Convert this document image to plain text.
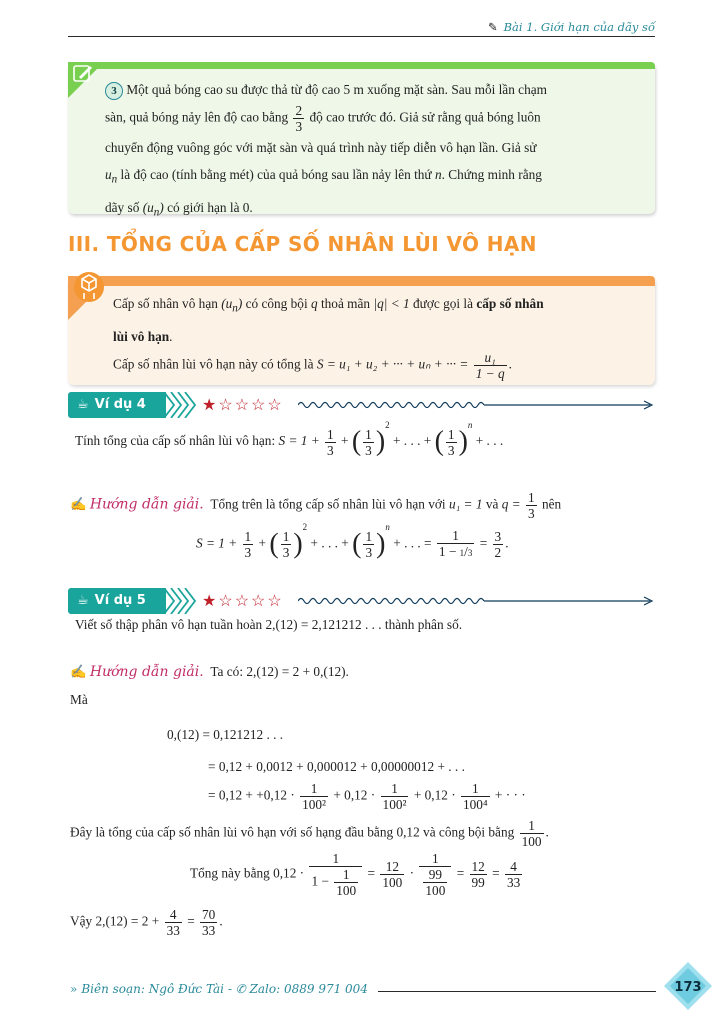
✎ Bài 1. Giới hạn của dãy số
3 Một quả bóng cao su được thả từ độ cao 5 m xuống mặt sàn. Sau mỗi lần chạm
sàn, quả bóng nảy lên độ cao bằng $\frac{2}{3}$ độ cao trước đó. Giả sử rằng quả bóng luôn
chuyển động vuông góc với mặt sàn và quá trình này tiếp diễn vô hạn lần. Giả sử
$u_n$ là độ cao (tính bằng mét) của quả bóng sau lần nảy lên thứ n. Chứng minh rằng
dãy số $(u_n)$ có giới hạn là 0.
III. TỔNG CỦA CẤP SỐ NHÂN LÙI VÔ HẠN
Cấp số nhân vô hạn $(u_n)$ có công bội q thoả mãn |q| < 1 được gọi là cấp số nhân
lùi vô hạn.
Cấp số nhân lùi vô hạn này có tổng là S = u₁ + u₂ + ··· + uₙ + ··· = $\frac{\text{u₁}}{1 - q}$ .
☕ Ví dụ 4	★☆☆☆☆
Tính tổng của cấp số nhân lùi vô hạn: $S = 1 + \frac{1}{3}$ + ( $\frac{1}{3} )^2$ + . . . + ( $\frac{1}{3} )^n$ + . . .
✍ Hướng dẫn giải. Tổng trên là tổng cấp số nhân lùi vô hạn với u₁ = 1 và $q = \frac{1}{3}$ nên
$S = 1 + \frac{1}{3}$ + ( $\frac{1}{3} )^2$ + . . . + ( $\frac{1}{3} )^n$ + . . . = $\frac{1}{1 - 1/3} = \frac{3}{2}$ .
☕ Ví dụ 5	★☆☆☆☆
Viết số thập phân vô hạn tuần hoàn 2,(12) = 2,121212 . . . thành phân số.
✍ Hướng dẫn giải. Ta có: 2,(12) = 2 + 0,(12).
Mà
0,(12) = 0,121212 . . .
= 0,12 + 0,0012 + 0,000012 + 0,00000012 + . . .
= $0,12 + +0,12 \cdot \frac{1}{\text{100²}} + 0,12 \cdot \frac{1}{\text{100²}} + 0,12 \cdot \frac{1}{\text{100⁴}}$ + · · ·
Đây là tổng của cấp số nhân lùi vô hạn với số hạng đầu bằng 0,12 và công bội bằng $\frac{1}{100}$ .
Tổng này bằng $0,12 \cdot \frac{1}{1 - \frac{1}{100}} = \frac{12}{100} \cdot \frac{1}{\frac{99}{100}} = \frac{12}{99} = \frac{4}{33}$
Vậy $2,(12) = 2 + \frac{4}{33} = \frac{70}{33}$ .
» Biên soạn: Ngô Đức Tài - ✆ Zalo: 0889 971 004	173
